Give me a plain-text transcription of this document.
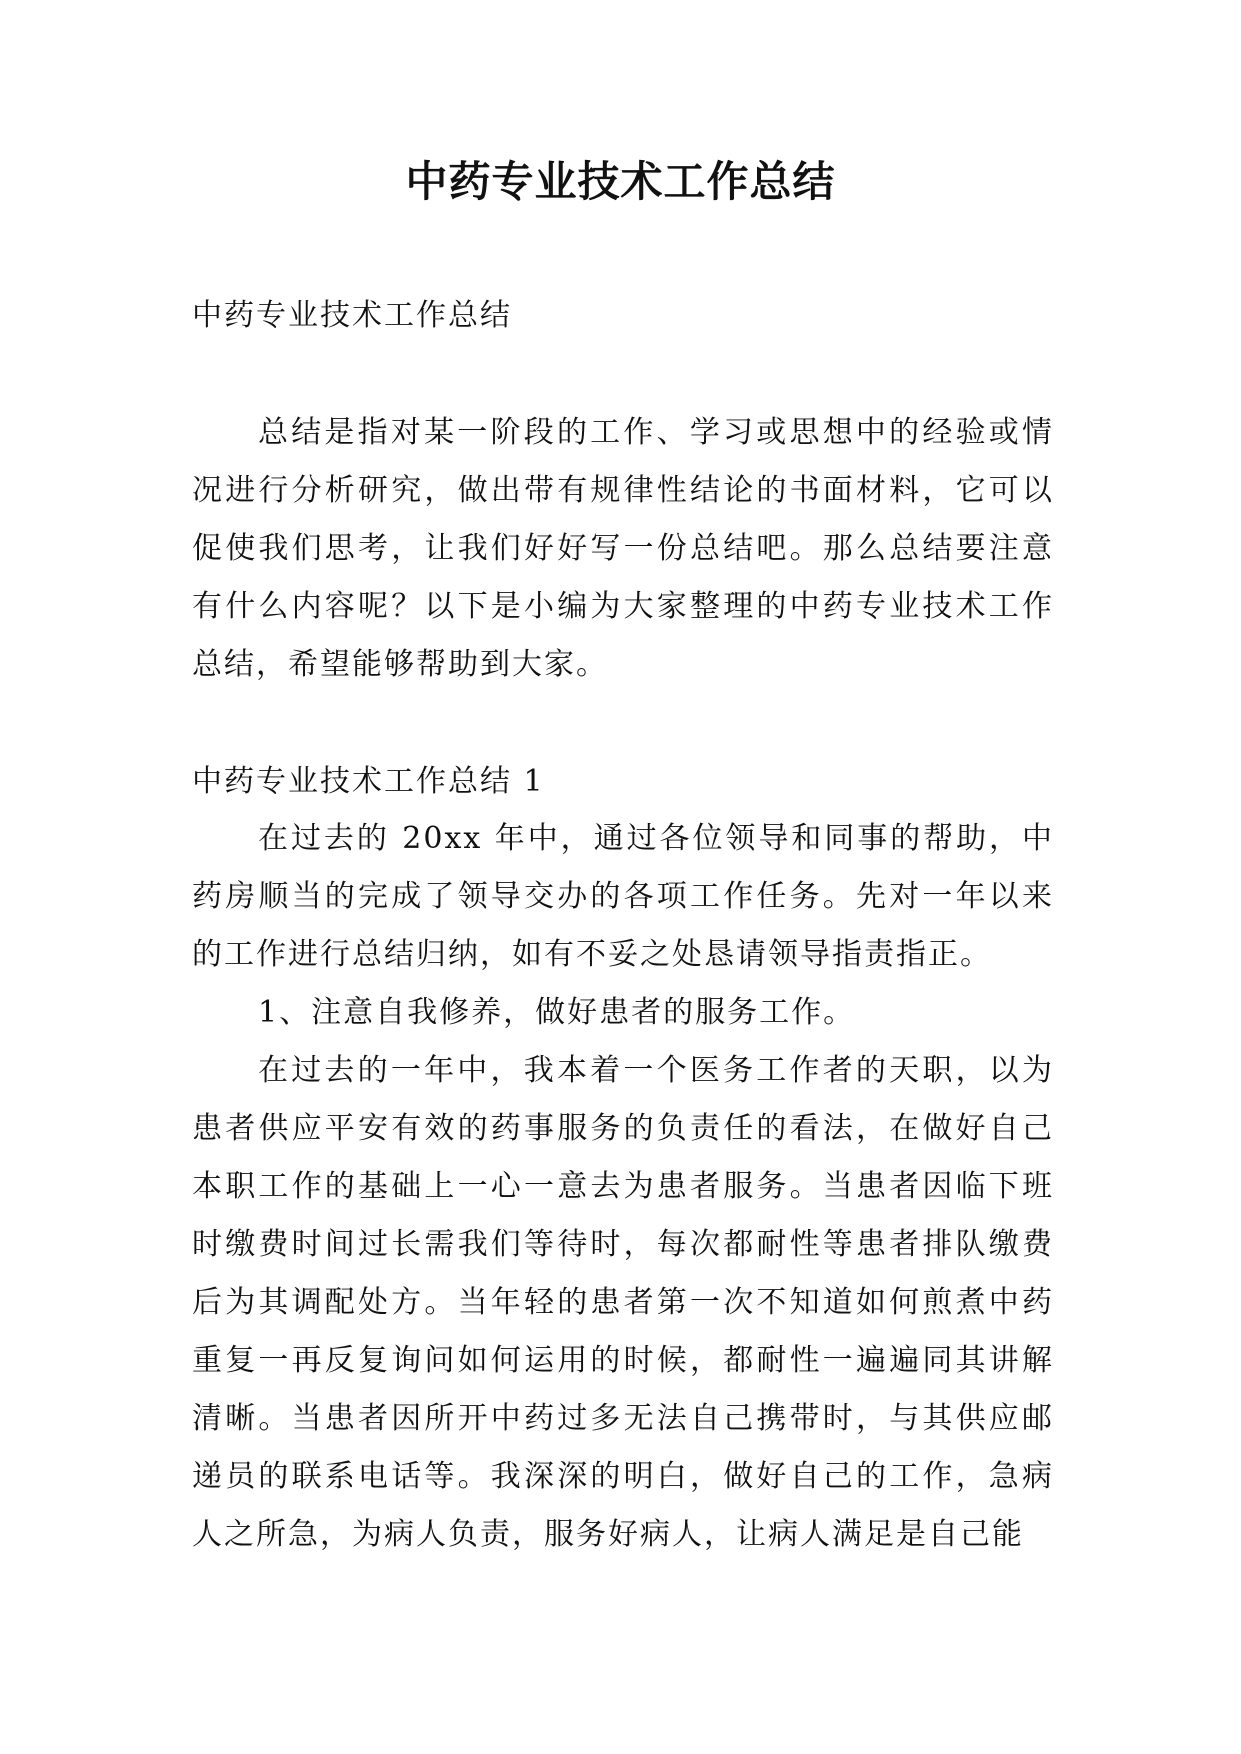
中药专业技术工作总结

中药专业技术工作总结

总结是指对某一阶段的工作、学习或思想中的经验或情况进行分析研究，做出带有规律性结论的书面材料，它可以促使我们思考，让我们好好写一份总结吧。那么总结要注意有什么内容呢？以下是小编为大家整理的中药专业技术工作总结，希望能够帮助到大家。

中药专业技术工作总结 1

在过去的 20xx 年中，通过各位领导和同事的帮助，中药房顺当的完成了领导交办的各项工作任务。先对一年以来的工作进行总结归纳，如有不妥之处恳请领导指责指正。

1、注意自我修养，做好患者的服务工作。

在过去的一年中，我本着一个医务工作者的天职，以为患者供应平安有效的药事服务的负责任的看法，在做好自己本职工作的基础上一心一意去为患者服务。当患者因临下班时缴费时间过长需我们等待时，每次都耐性等患者排队缴费后为其调配处方。当年轻的患者第一次不知道如何煎煮中药重复一再反复询问如何运用的时候，都耐性一遍遍同其讲解清晰。当患者因所开中药过多无法自己携带时，与其供应邮递员的联系电话等。我深深的明白，做好自己的工作，急病人之所急，为病人负责，服务好病人，让病人满足是自己能
